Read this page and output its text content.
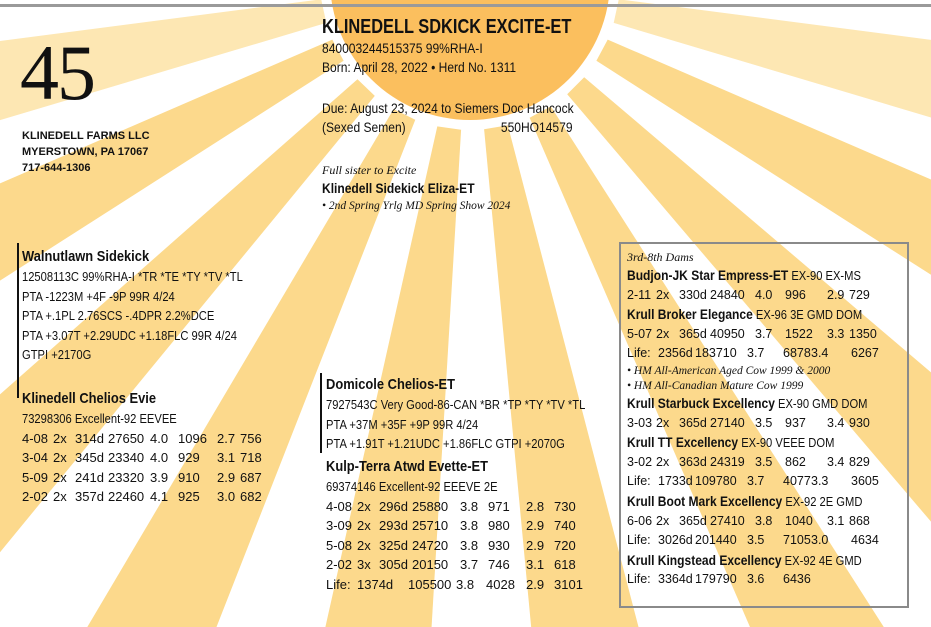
45
KLINEDELL FARMS LLC
MYERSTOWN, PA 17067
717-644-1306
KLINEDELL SDKICK EXCITE-ET
840003244515375 99%RHA-I
Born: April 28, 2022 • Herd No. 1311
Due: August 23, 2024 to Siemers Doc Hancock
(Sexed Semen)	550HO14579
Full sister to Excite
Klinedell Sidekick Eliza-ET
• 2nd Spring Yrlg MD Spring Show 2024
Walnutlawn Sidekick
12508113C 99%RHA-I *TR *TE *TY *TV *TL
PTA -1223M +4F -9P 99R 4/24
PTA +.1PL 2.76SCS -.4DPR 2.2%DCE
PTA +3.07T +2.29UDC +1.18FLC 99R 4/24
GTPI +2170G
Klinedell Chelios Evie
73298306 Excellent-92 EEVEE
4-08 2x 314d 27650 4.0 1096 2.7 756
3-04 2x 345d 23340 4.0 929 3.1 718
5-09 2x 241d 23320 3.9 910 2.9 687
2-02 2x 357d 22460 4.1 925 3.0 682
Domicole Chelios-ET
7927543C Very Good-86-CAN *BR *TP *TY *TV *TL
PTA +37M +35F +9P 99R 4/24
PTA +1.91T +1.21UDC +1.86FLC GTPI +2070G
Kulp-Terra Atwd Evette-ET
69374146 Excellent-92 EEEVE 2E
4-08 2x 296d 25880 3.8 971 2.8 730
3-09 2x 293d 25710 3.8 980 2.9 740
5-08 2x 325d 24720 3.8 930 2.9 720
2-02 3x 305d 20150 3.7 746 3.1 618
Life: 1374d 105500 3.8 4028 2.9 3101
3rd-8th Dams
Budjon-JK Star Empress-ET EX-90 EX-MS
2-11 2x 330d 24840 4.0 996 2.9 729
Krull Broker Elegance EX-96 3E GMD DOM
5-07 2x 365d 40950 3.7 1522 3.3 1350
Life: 2356d 183710 3.7 6878 3.4 6267
• HM All-American Aged Cow 1999 & 2000
• HM All-Canadian Mature Cow 1999
Krull Starbuck Excellency EX-90 GMD DOM
3-03 2x 365d 27140 3.5 937 3.4 930
Krull TT Excellency EX-90 VEEE DOM
3-02 2x 363d 24319 3.5 862 3.4 829
Life: 1733d 109780 3.7 4077 3.3 3605
Krull Boot Mark Excellency EX-92 2E GMD
6-06 2x 365d 27410 3.8 1040 3.1 868
Life: 3026d 201440 3.5 7105 3.0 4634
Krull Kingstead Excellency EX-92 4E GMD
Life: 3364d 179790 3.6 6436
